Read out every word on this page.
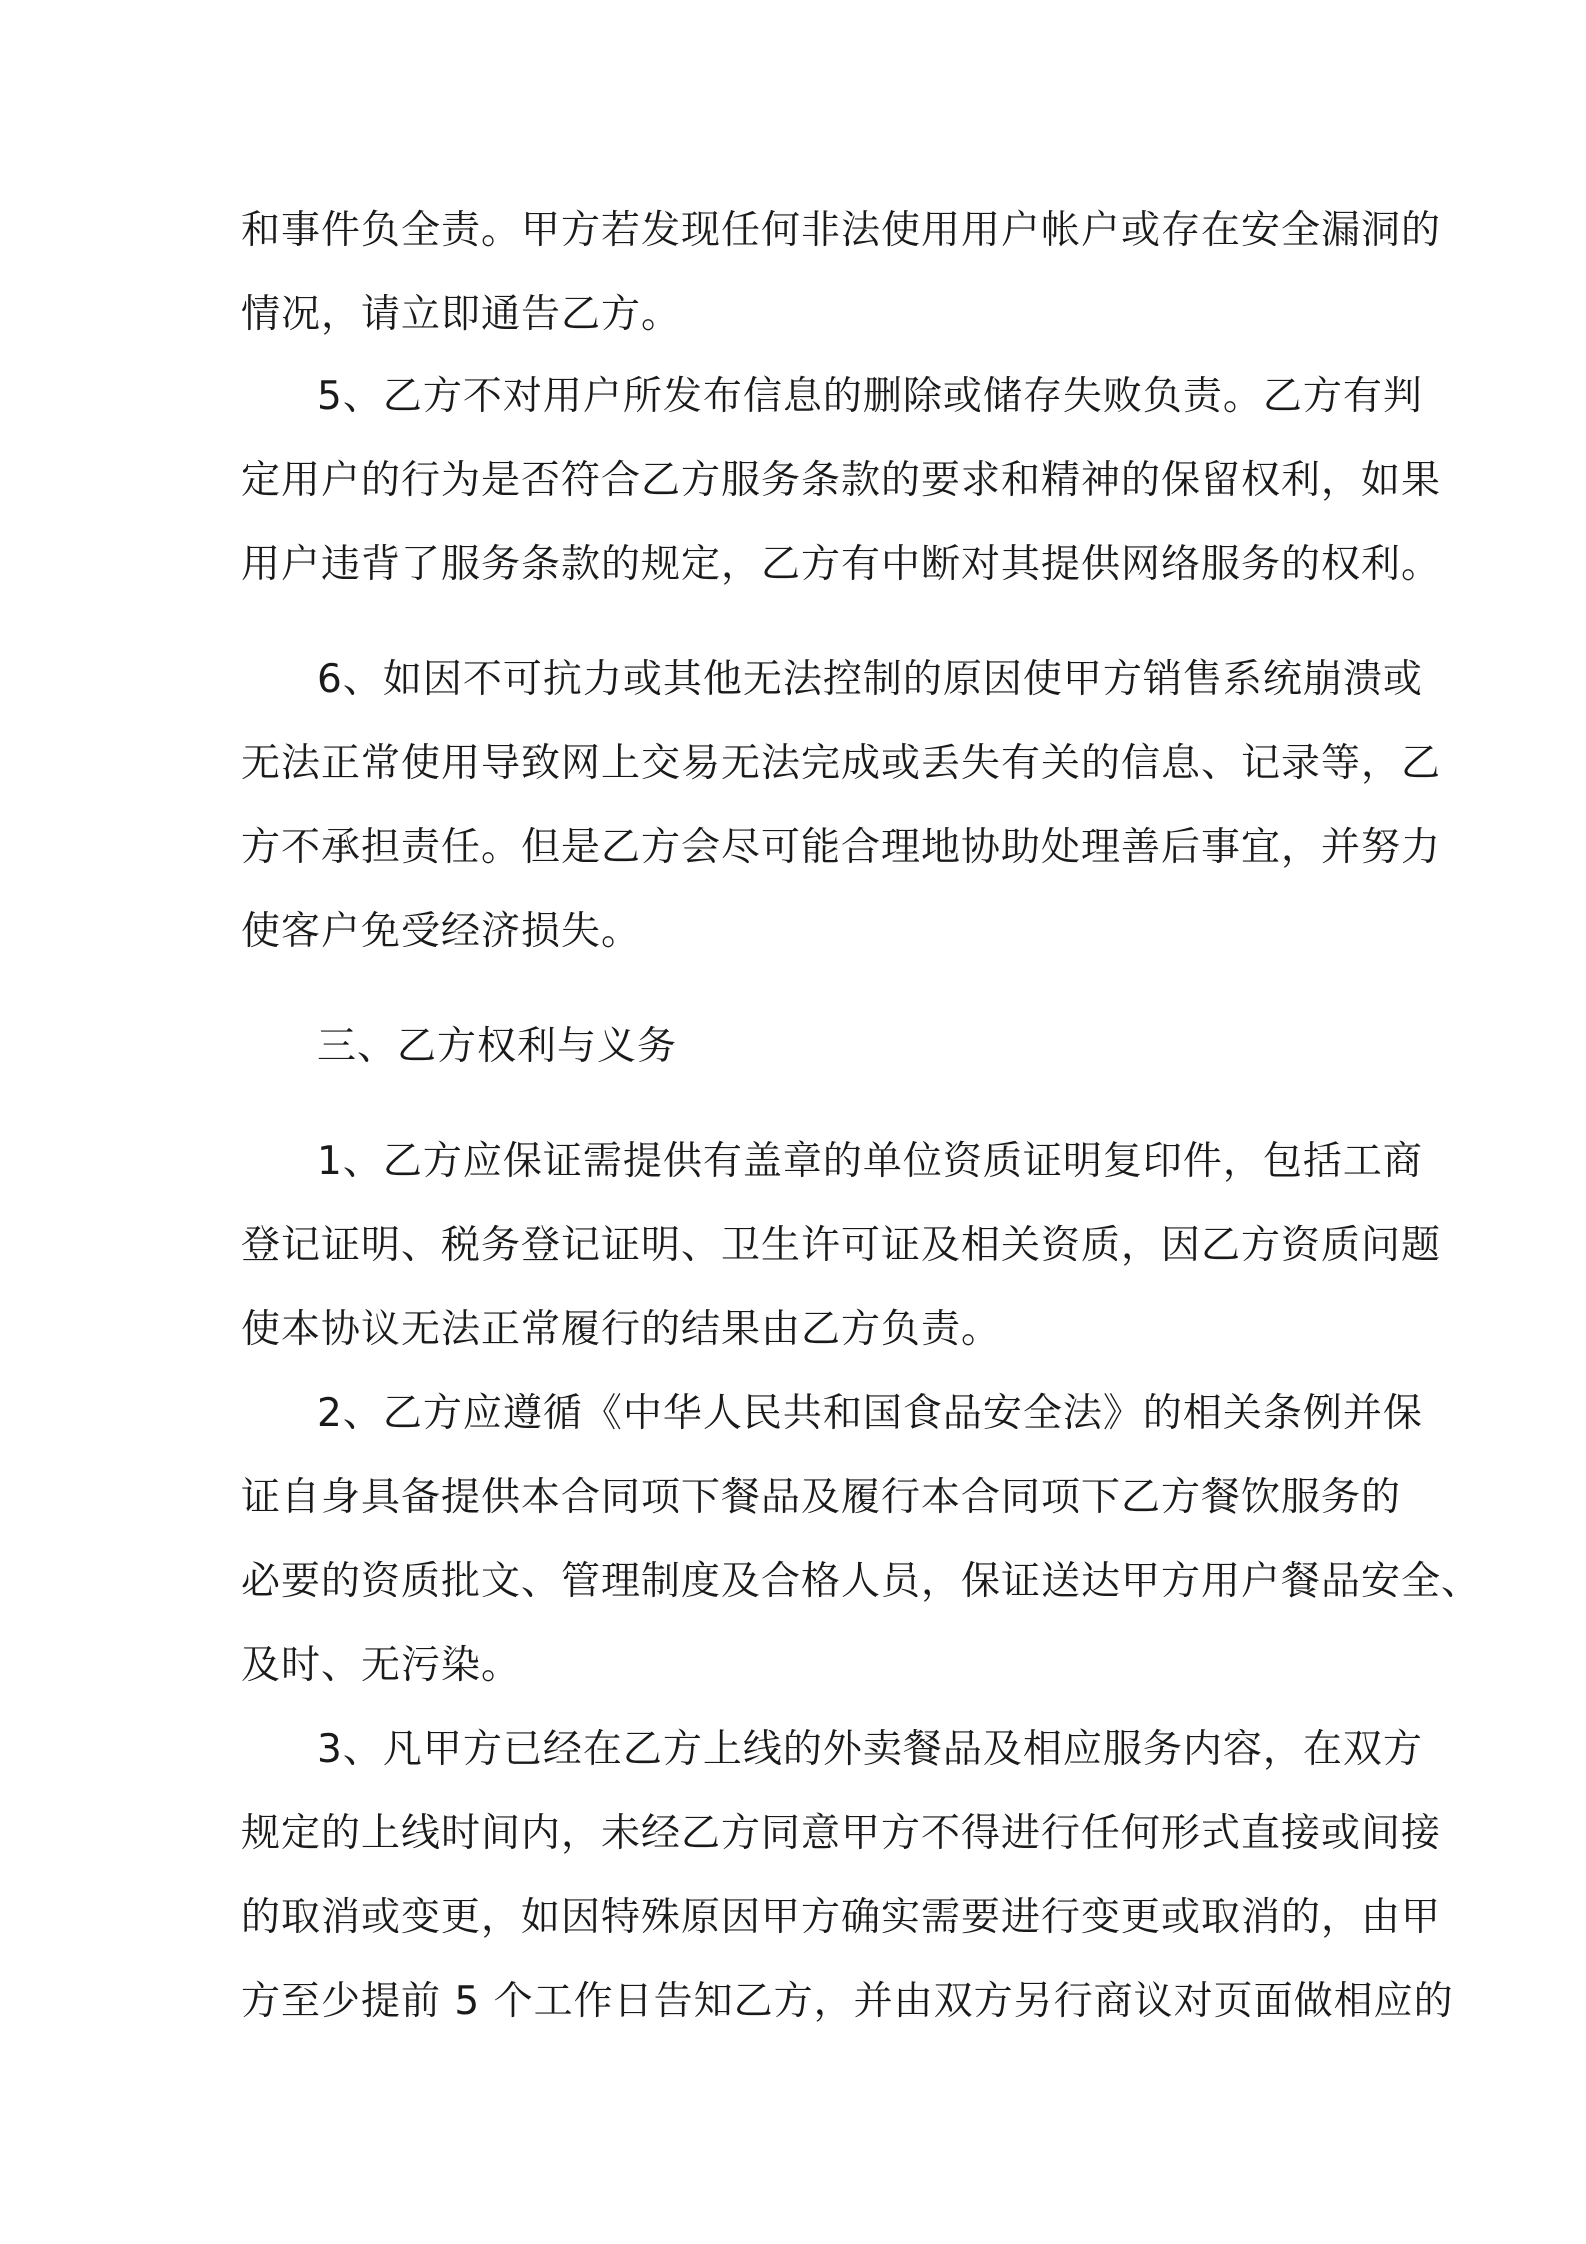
和事件负全责。甲方若发现任何非法使用用户帐户或存在安全漏洞的
情况，请立即通告乙方。
5、乙方不对用户所发布信息的删除或储存失败负责。乙方有判
定用户的行为是否符合乙方服务条款的要求和精神的保留权利，如果
用户违背了服务条款的规定，乙方有中断对其提供网络服务的权利。
6、如因不可抗力或其他无法控制的原因使甲方销售系统崩溃或
无法正常使用导致网上交易无法完成或丢失有关的信息、记录等，乙
方不承担责任。但是乙方会尽可能合理地协助处理善后事宜，并努力
使客户免受经济损失。
三、乙方权利与义务
1、乙方应保证需提供有盖章的单位资质证明复印件，包括工商
登记证明、税务登记证明、卫生许可证及相关资质，因乙方资质问题
使本协议无法正常履行的结果由乙方负责。
2、乙方应遵循《中华人民共和国食品安全法》的相关条例并保
证自身具备提供本合同项下餐品及履行本合同项下乙方餐饮服务的
必要的资质批文、管理制度及合格人员，保证送达甲方用户餐品安全、
及时、无污染。
3、凡甲方已经在乙方上线的外卖餐品及相应服务内容，在双方
规定的上线时间内，未经乙方同意甲方不得进行任何形式直接或间接
的取消或变更，如因特殊原因甲方确实需要进行变更或取消的，由甲
方至少提前 5 个工作日告知乙方，并由双方另行商议对页面做相应的
